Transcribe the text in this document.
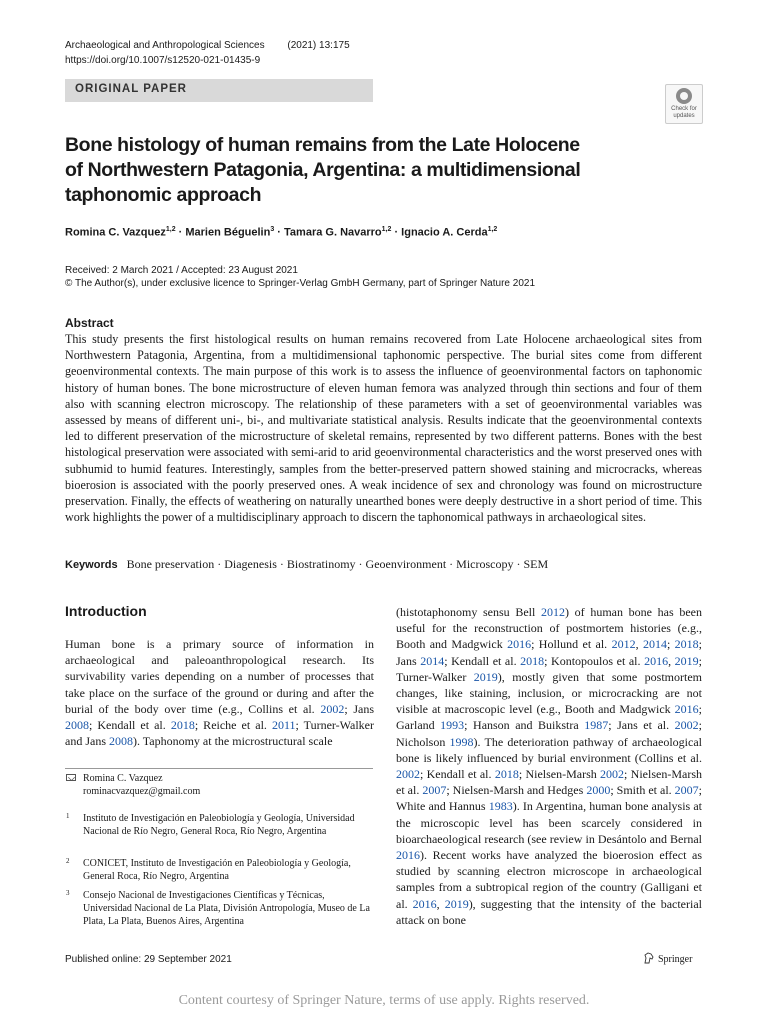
Archaeological and Anthropological Sciences (2021) 13:175
https://doi.org/10.1007/s12520-021-01435-9
ORIGINAL PAPER
Check for updates
Bone histology of human remains from the Late Holocene of Northwestern Patagonia, Argentina: a multidimensional taphonomic approach
Romina C. Vazquez$^{1,2}$ · Marien Béguelin$^3$ · Tamara G. Navarro$^{1,2}$ · Ignacio A. Cerda$^{1,2}$
Received: 2 March 2021 / Accepted: 23 August 2021
© The Author(s), under exclusive licence to Springer-Verlag GmbH Germany, part of Springer Nature 2021
Abstract
This study presents the first histological results on human remains recovered from Late Holocene archaeological sites from Northwestern Patagonia, Argentina, from a multidimensional taphonomic perspective. The burial sites come from different geoenvironmental contexts. The main purpose of this work is to assess the influence of geoenvironmental factors on taphonomic history of human bones. The bone microstructure of eleven human femora was analyzed through thin sections and four of them also with scanning electron microscopy. The relationship of these parameters with a set of geoenvironmental variables was assessed by means of different uni-, bi-, and multivariate statistical analysis. Results indicate that the geoenvironmental contexts led to different preservation of the microstructure of skeletal remains, represented by two different patterns. Bones with the best histological preservation were associated with semi-arid to arid geoenvironmental characteristics and the worst preserved ones with subhumid to humid features. Interestingly, samples from the better-preserved pattern showed staining and microcracks, whereas bioerosion is associated with the poorly preserved ones. A weak incidence of sex and chronology was found on microstructure preservation. Finally, the effects of weathering on naturally unearthed bones were deeply destructive in a short period of time. This work highlights the power of a multidisciplinary approach to discern the taphonomical pathways in archaeological sites.
Keywords Bone preservation · Diagenesis · Biostratinomy · Geoenvironment · Microscopy · SEM
Introduction
Human bone is a primary source of information in archaeological and paleoanthropological research. Its survivability varies depending on a number of processes that take place on the surface of the ground or during and after the burial of the body over time (e.g., Collins et al. 2002; Jans 2008; Kendall et al. 2018; Reiche et al. 2011; Turner-Walker and Jans 2008). Taphonomy at the microstructural scale
(histotaphonomy sensu Bell 2012) of human bone has been useful for the reconstruction of postmortem histories (e.g., Booth and Madgwick 2016; Hollund et al. 2012, 2014; 2018; Jans 2014; Kendall et al. 2018; Kontopoulos et al. 2016, 2019; Turner-Walker 2019), mostly given that some postmortem changes, like staining, inclusion, or microcracking are not visible at macroscopic level (e.g., Booth and Madgwick 2016; Garland 1993; Hanson and Buikstra 1987; Jans et al. 2002; Nicholson 1998). The deterioration pathway of archaeological bone is likely influenced by burial environment (Collins et al. 2002; Kendall et al. 2018; Nielsen-Marsh 2002; Nielsen-Marsh et al. 2007; Nielsen-Marsh and Hedges 2000; Smith et al. 2007; White and Hannus 1983). In Argentina, human bone analysis at the microscopic level has been scarcely considered in bioarchaeological research (see review in Desántolo and Bernal 2016). Recent works have analyzed the bioerosion effect as studied by scanning electron microscope in archaeological samples from a subtropical region of the country (Galligani et al. 2016, 2019), suggesting that the intensity of the bacterial attack on bone
Romina C. Vazquez
rominacvazquez@gmail.com
1 Instituto de Investigación en Paleobiología y Geología, Universidad Nacional de Río Negro, General Roca, Río Negro, Argentina
2 CONICET, Instituto de Investigación en Paleobiología y Geología, General Roca, Río Negro, Argentina
3 Consejo Nacional de Investigaciones Científicas y Técnicas, Universidad Nacional de La Plata, División Antropología, Museo de La Plata, La Plata, Buenos Aires, Argentina
Published online: 29 September 2021	Springer
Content courtesy of Springer Nature, terms of use apply. Rights reserved.
